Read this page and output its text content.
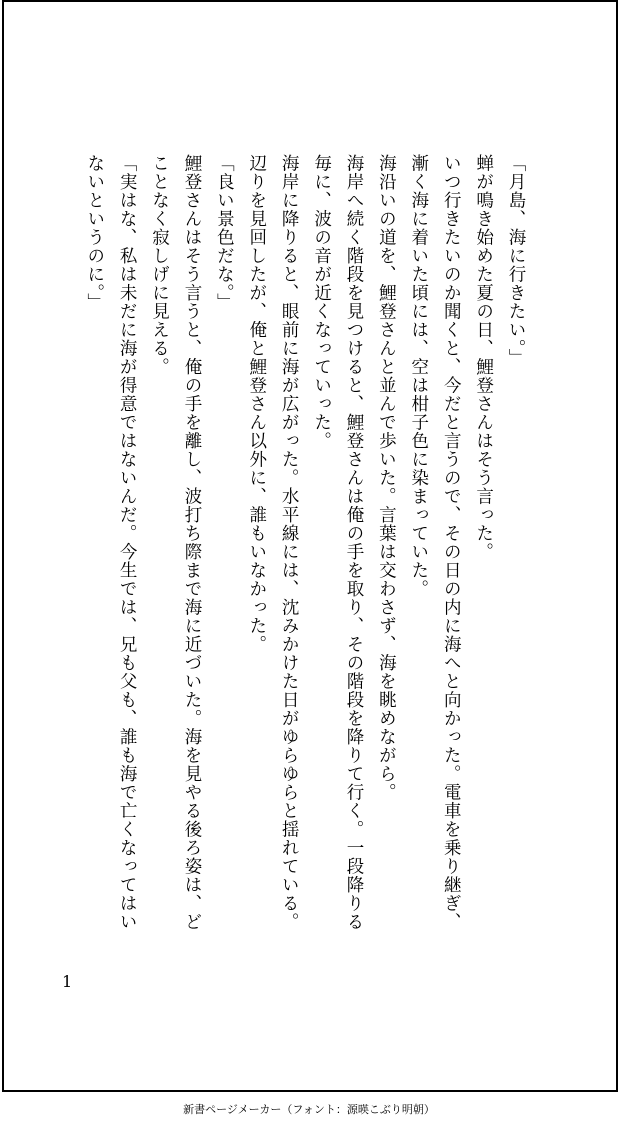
「月島、海に行きたい。」

蝉が鳴き始めた夏の日、鯉登さんはそう言った。

いつ行きたいのか聞くと、今だと言うので、その日の内に海へと向かった。電車を乗り継ぎ、漸く海に着いた頃には、空は柑子色に染まっていた。

海沿いの道を、鯉登さんと並んで歩いた。言葉は交わさず、海を眺めながら。

海岸へ続く階段を見つけると、鯉登さんは俺の手を取り、その階段を降りて行く。一段降りる毎に、波の音が近くなっていった。

海岸に降りると、眼前に海が広がった。水平線には、沈みかけた日がゆらゆらと揺れている。辺りを見回したが、俺と鯉登さん以外に、誰もいなかった。

「良い景色だな。」

鯉登さんはそう言うと、俺の手を離し、波打ち際まで海に近づいた。海を見やる後ろ姿は、どことなく寂しげに見える。

「実はな、私は未だに海が得意ではないんだ。今生では、兄も父も、誰も海で亡くなってはいないというのに。」

1
新書ページメーカー（フォント：源暎こぶり明朝）
